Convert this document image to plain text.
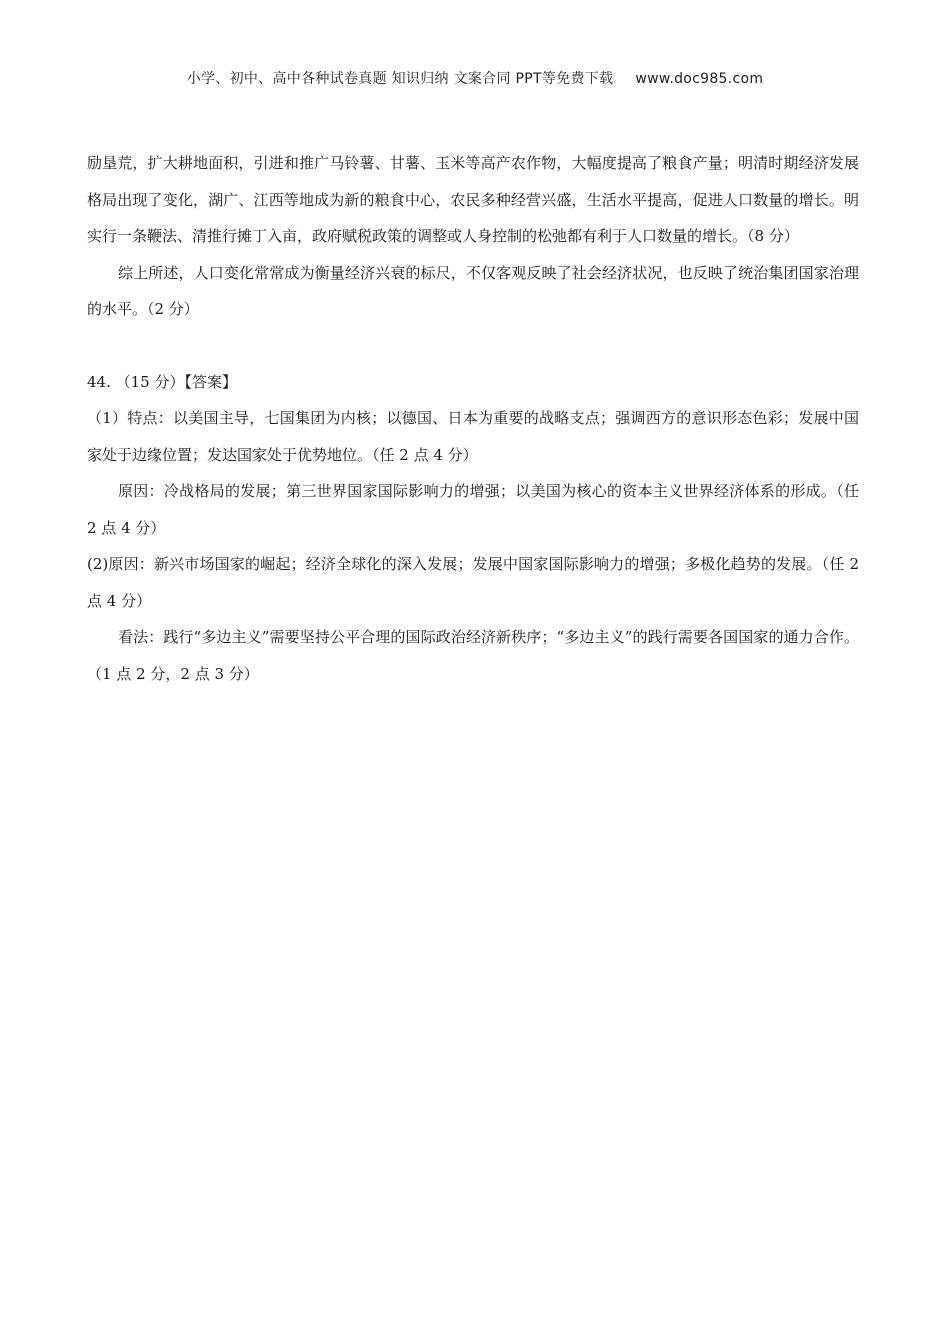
小学、初中、高中各种试卷真题 知识归纳 文案合同 PPT等免费下载 www.doc985.com

励垦荒，扩大耕地面积，引进和推广马铃薯、甘薯、玉米等高产农作物，大幅度提高了粮食产量；明清时期经济发展格局出现了变化，湖广、江西等地成为新的粮食中心，农民多种经营兴盛，生活水平提高，促进人口数量的增长。明实行一条鞭法、清推行摊丁入亩，政府赋税政策的调整或人身控制的松弛都有利于人口数量的增长。（8 分）

综上所述，人口变化常常成为衡量经济兴衰的标尺，不仅客观反映了社会经济状况，也反映了统治集团国家治理的水平。（2 分）

44. （15 分）【答案】

（1）特点：以美国主导，七国集团为内核；以德国、日本为重要的战略支点；强调西方的意识形态色彩；发展中国家处于边缘位置；发达国家处于优势地位。（任 2 点 4 分）

原因：冷战格局的发展；第三世界国家国际影响力的增强；以美国为核心的资本主义世界经济体系的形成。（任 2 点 4 分）

(2)原因：新兴市场国家的崛起；经济全球化的深入发展；发展中国家国际影响力的增强；多极化趋势的发展。（任 2 点 4 分）

看法：践行“多边主义”需要坚持公平合理的国际政治经济新秩序；“多边主义”的践行需要各国国家的通力合作。（1 点 2 分，2 点 3 分）
